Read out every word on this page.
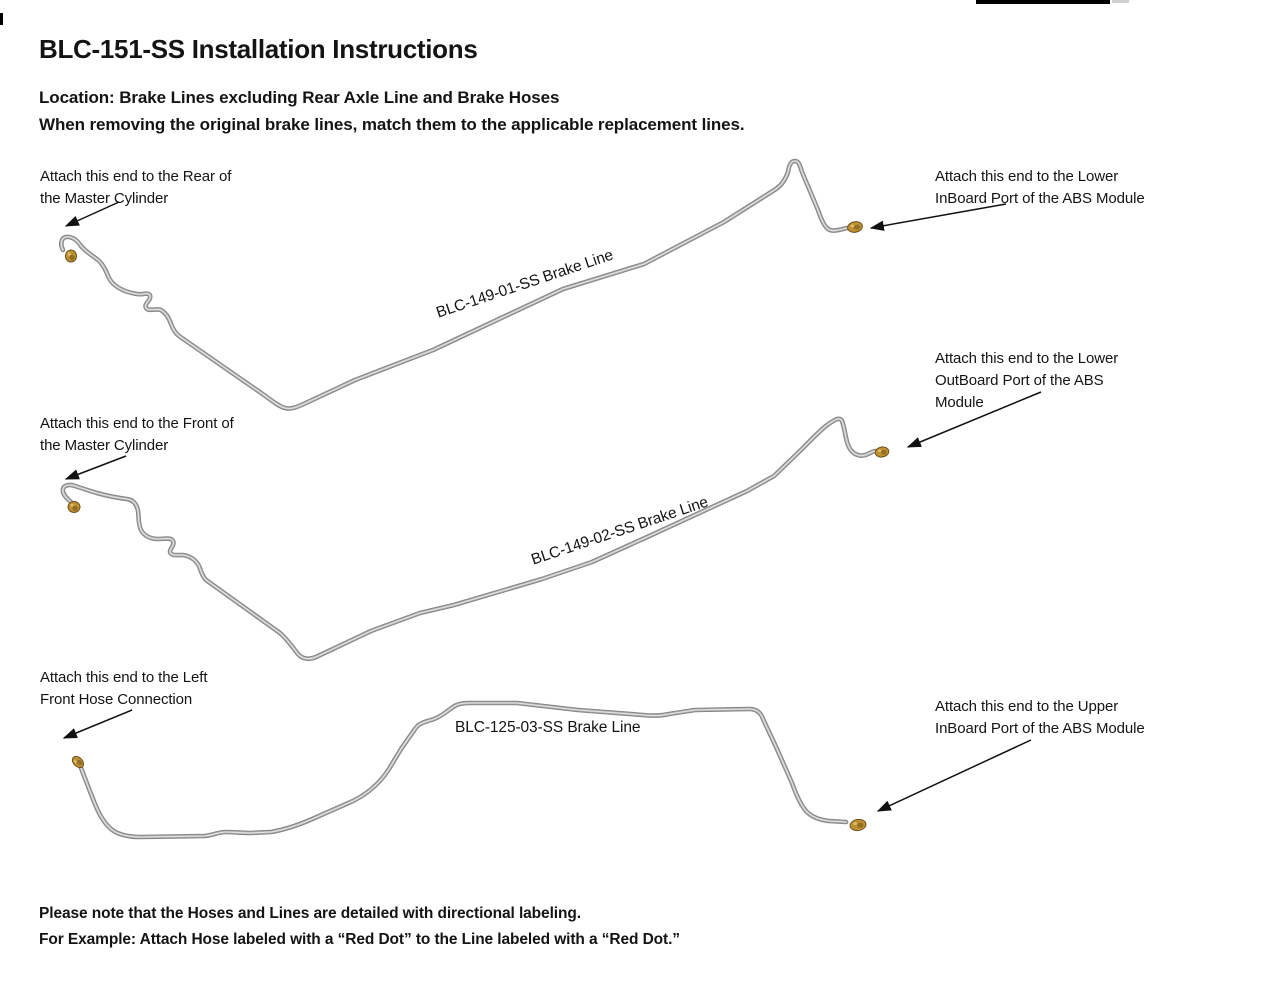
BLC-151-SS Installation Instructions
Location: Brake Lines excluding Rear Axle Line and Brake Hoses
When removing the original brake lines, match them to the applicable replacement lines.
Attach this end to the Rear of
the Master Cylinder
Attach this end to the Lower
InBoard Port of the ABS Module
Attach this end to the Front of
the Master Cylinder
Attach this end to the Lower
OutBoard Port of the ABS
Module
Attach this end to the Left
Front Hose Connection	Attach this end to the Upper
InBoard Port of the ABS Module
BLC-149-01-SS Brake Line
BLC-149-02-SS Brake Line
BLC-125-03-SS Brake Line
Please note that the Hoses and Lines are detailed with directional labeling.
For Example: Attach Hose labeled with a “Red Dot” to the Line labeled with a “Red Dot.”
